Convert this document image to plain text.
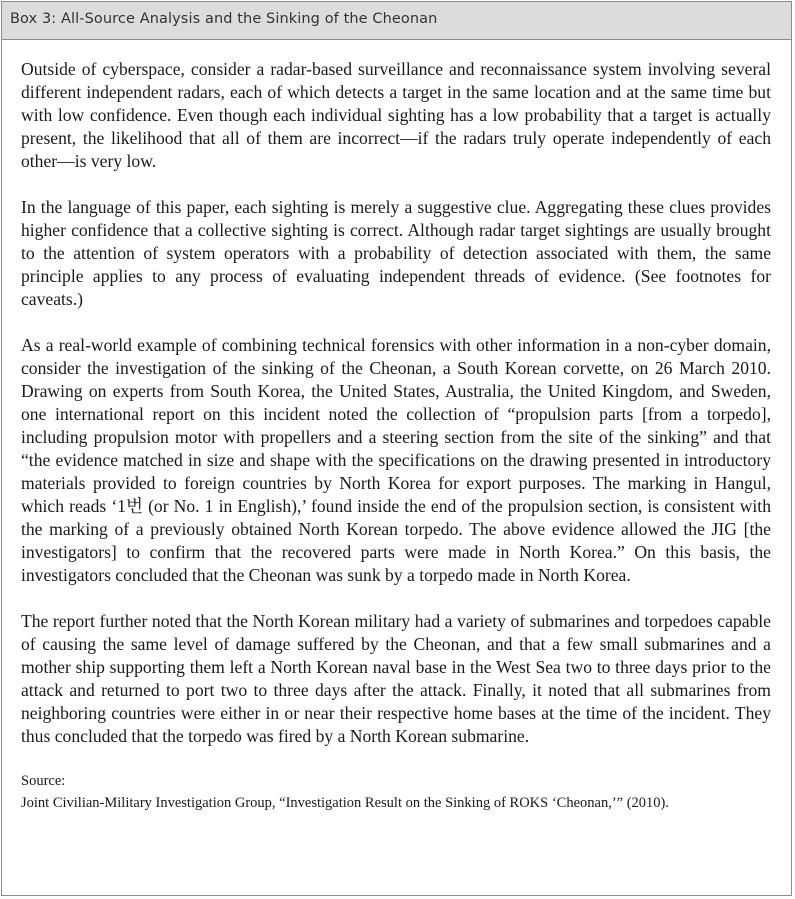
Box 3: All-Source Analysis and the Sinking of the Cheonan

Outside of cyberspace, consider a radar-based surveillance and reconnaissance system involving several different independent radars, each of which detects a target in the same location and at the same time but with low confidence. Even though each individual sighting has a low probability that a target is actually present, the likelihood that all of them are incorrect—if the radars truly operate independently of each other—is very low.

In the language of this paper, each sighting is merely a suggestive clue. Aggregating these clues provides higher confidence that a collective sighting is correct. Although radar target sightings are usually brought to the attention of system operators with a probability of detection associated with them, the same principle applies to any process of evaluating independent threads of evidence. (See footnotes for caveats.)

As a real-world example of combining technical forensics with other information in a non-cyber domain, consider the investigation of the sinking of the Cheonan, a South Korean corvette, on 26 March 2010. Drawing on experts from South Korea, the United States, Australia, the United Kingdom, and Sweden, one international report on this incident noted the collection of “propulsion parts [from a torpedo], including propulsion motor with propellers and a steering section from the site of the sinking” and that “the evidence matched in size and shape with the specifications on the drawing presented in introductory materials provided to foreign countries by North Korea for export purposes. The marking in Hangul, which reads ‘1번 (or No. 1 in English),’ found inside the end of the propulsion section, is consistent with the marking of a previously obtained North Korean torpedo. The above evidence allowed the JIG [the investigators] to confirm that the recovered parts were made in North Korea.” On this basis, the investigators concluded that the Cheonan was sunk by a torpedo made in North Korea.

The report further noted that the North Korean military had a variety of submarines and torpedoes capable of causing the same level of damage suffered by the Cheonan, and that a few small submarines and a mother ship supporting them left a North Korean naval base in the West Sea two to three days prior to the attack and returned to port two to three days after the attack. Finally, it noted that all submarines from neighboring countries were either in or near their respective home bases at the time of the incident. They thus concluded that the torpedo was fired by a North Korean submarine.

Source:
Joint Civilian-Military Investigation Group, “Investigation Result on the Sinking of ROKS ‘Cheonan,’” (2010).
